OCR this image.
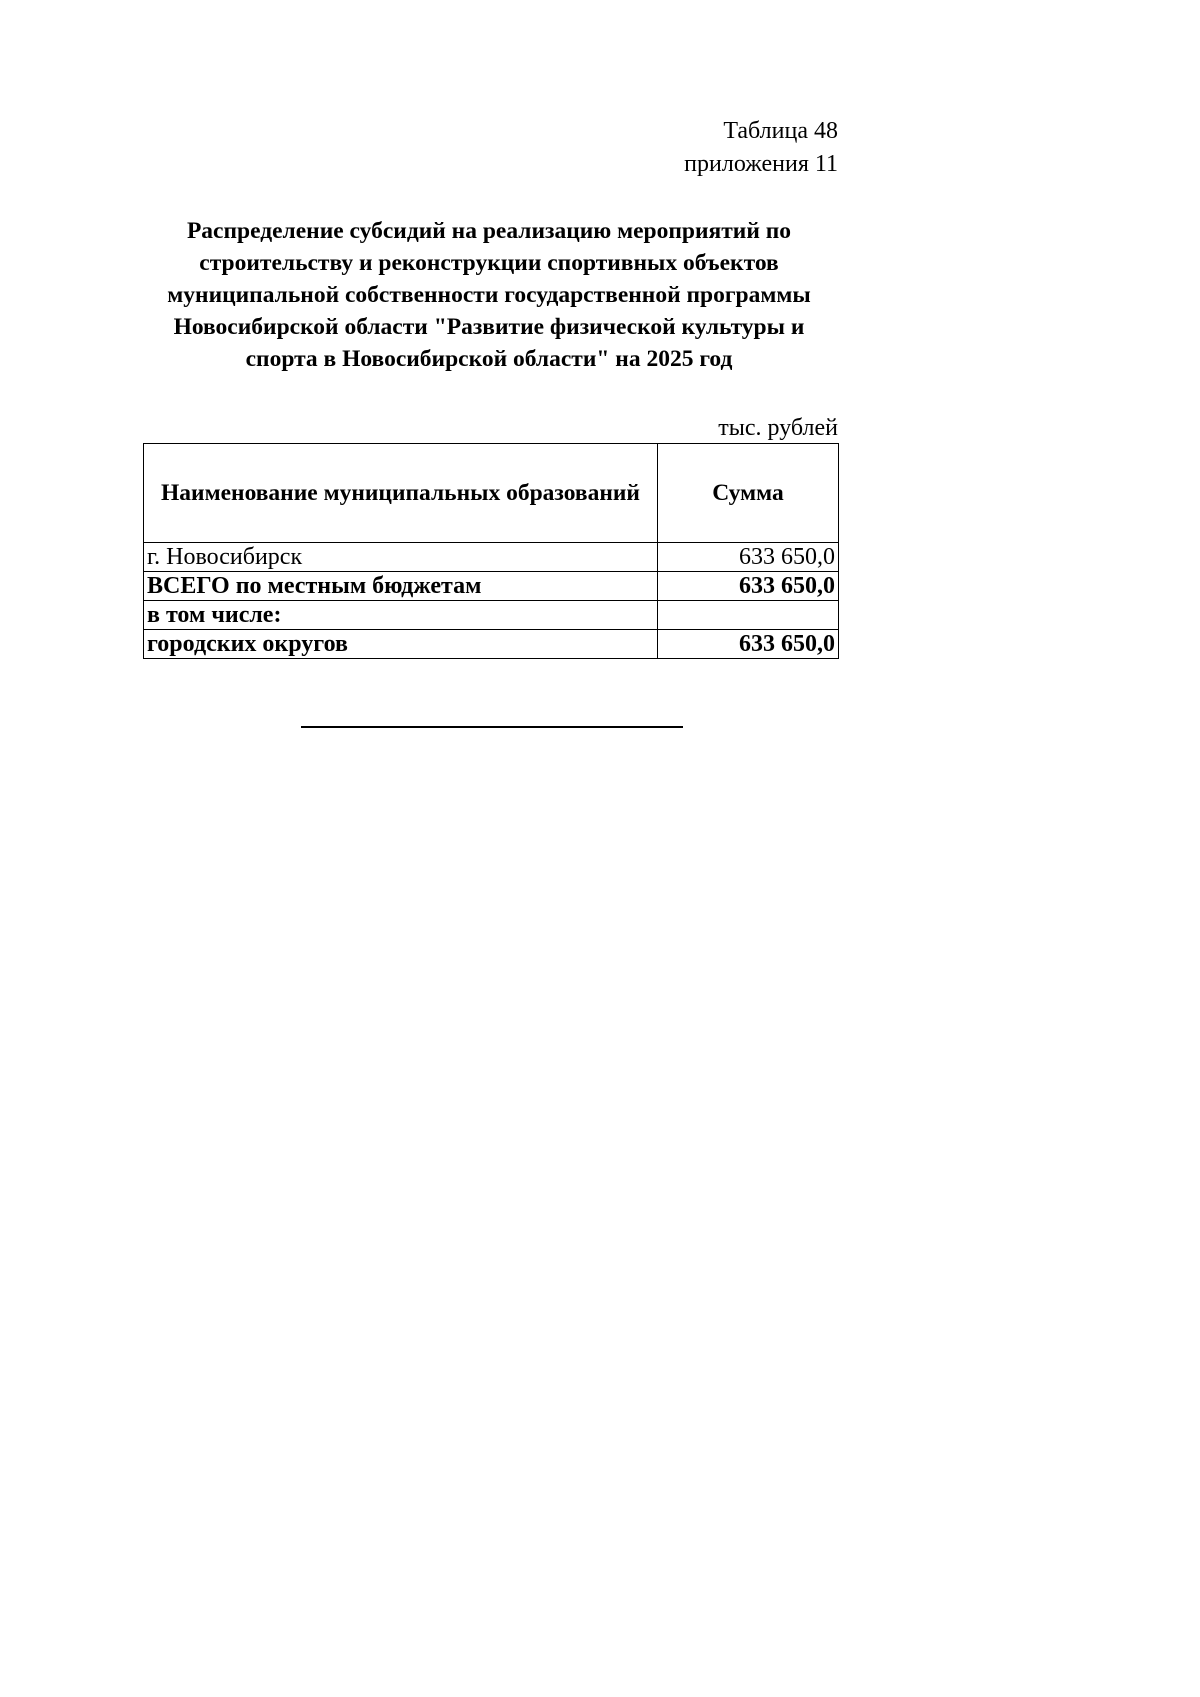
Таблица 48
приложения 11
Распределение субсидий на реализацию мероприятий по
строительству и реконструкции спортивных объектов
муниципальной собственности государственной программы
Новосибирской области "Развитие физической культуры и
спорта в Новосибирской области" на 2025 год
тыс. рублей
Наименование муниципальных образований	Сумма
г. Новосибирск	633 650,0
ВСЕГО по местным бюджетам	633 650,0
в том числе:	
городских округов	633 650,0
